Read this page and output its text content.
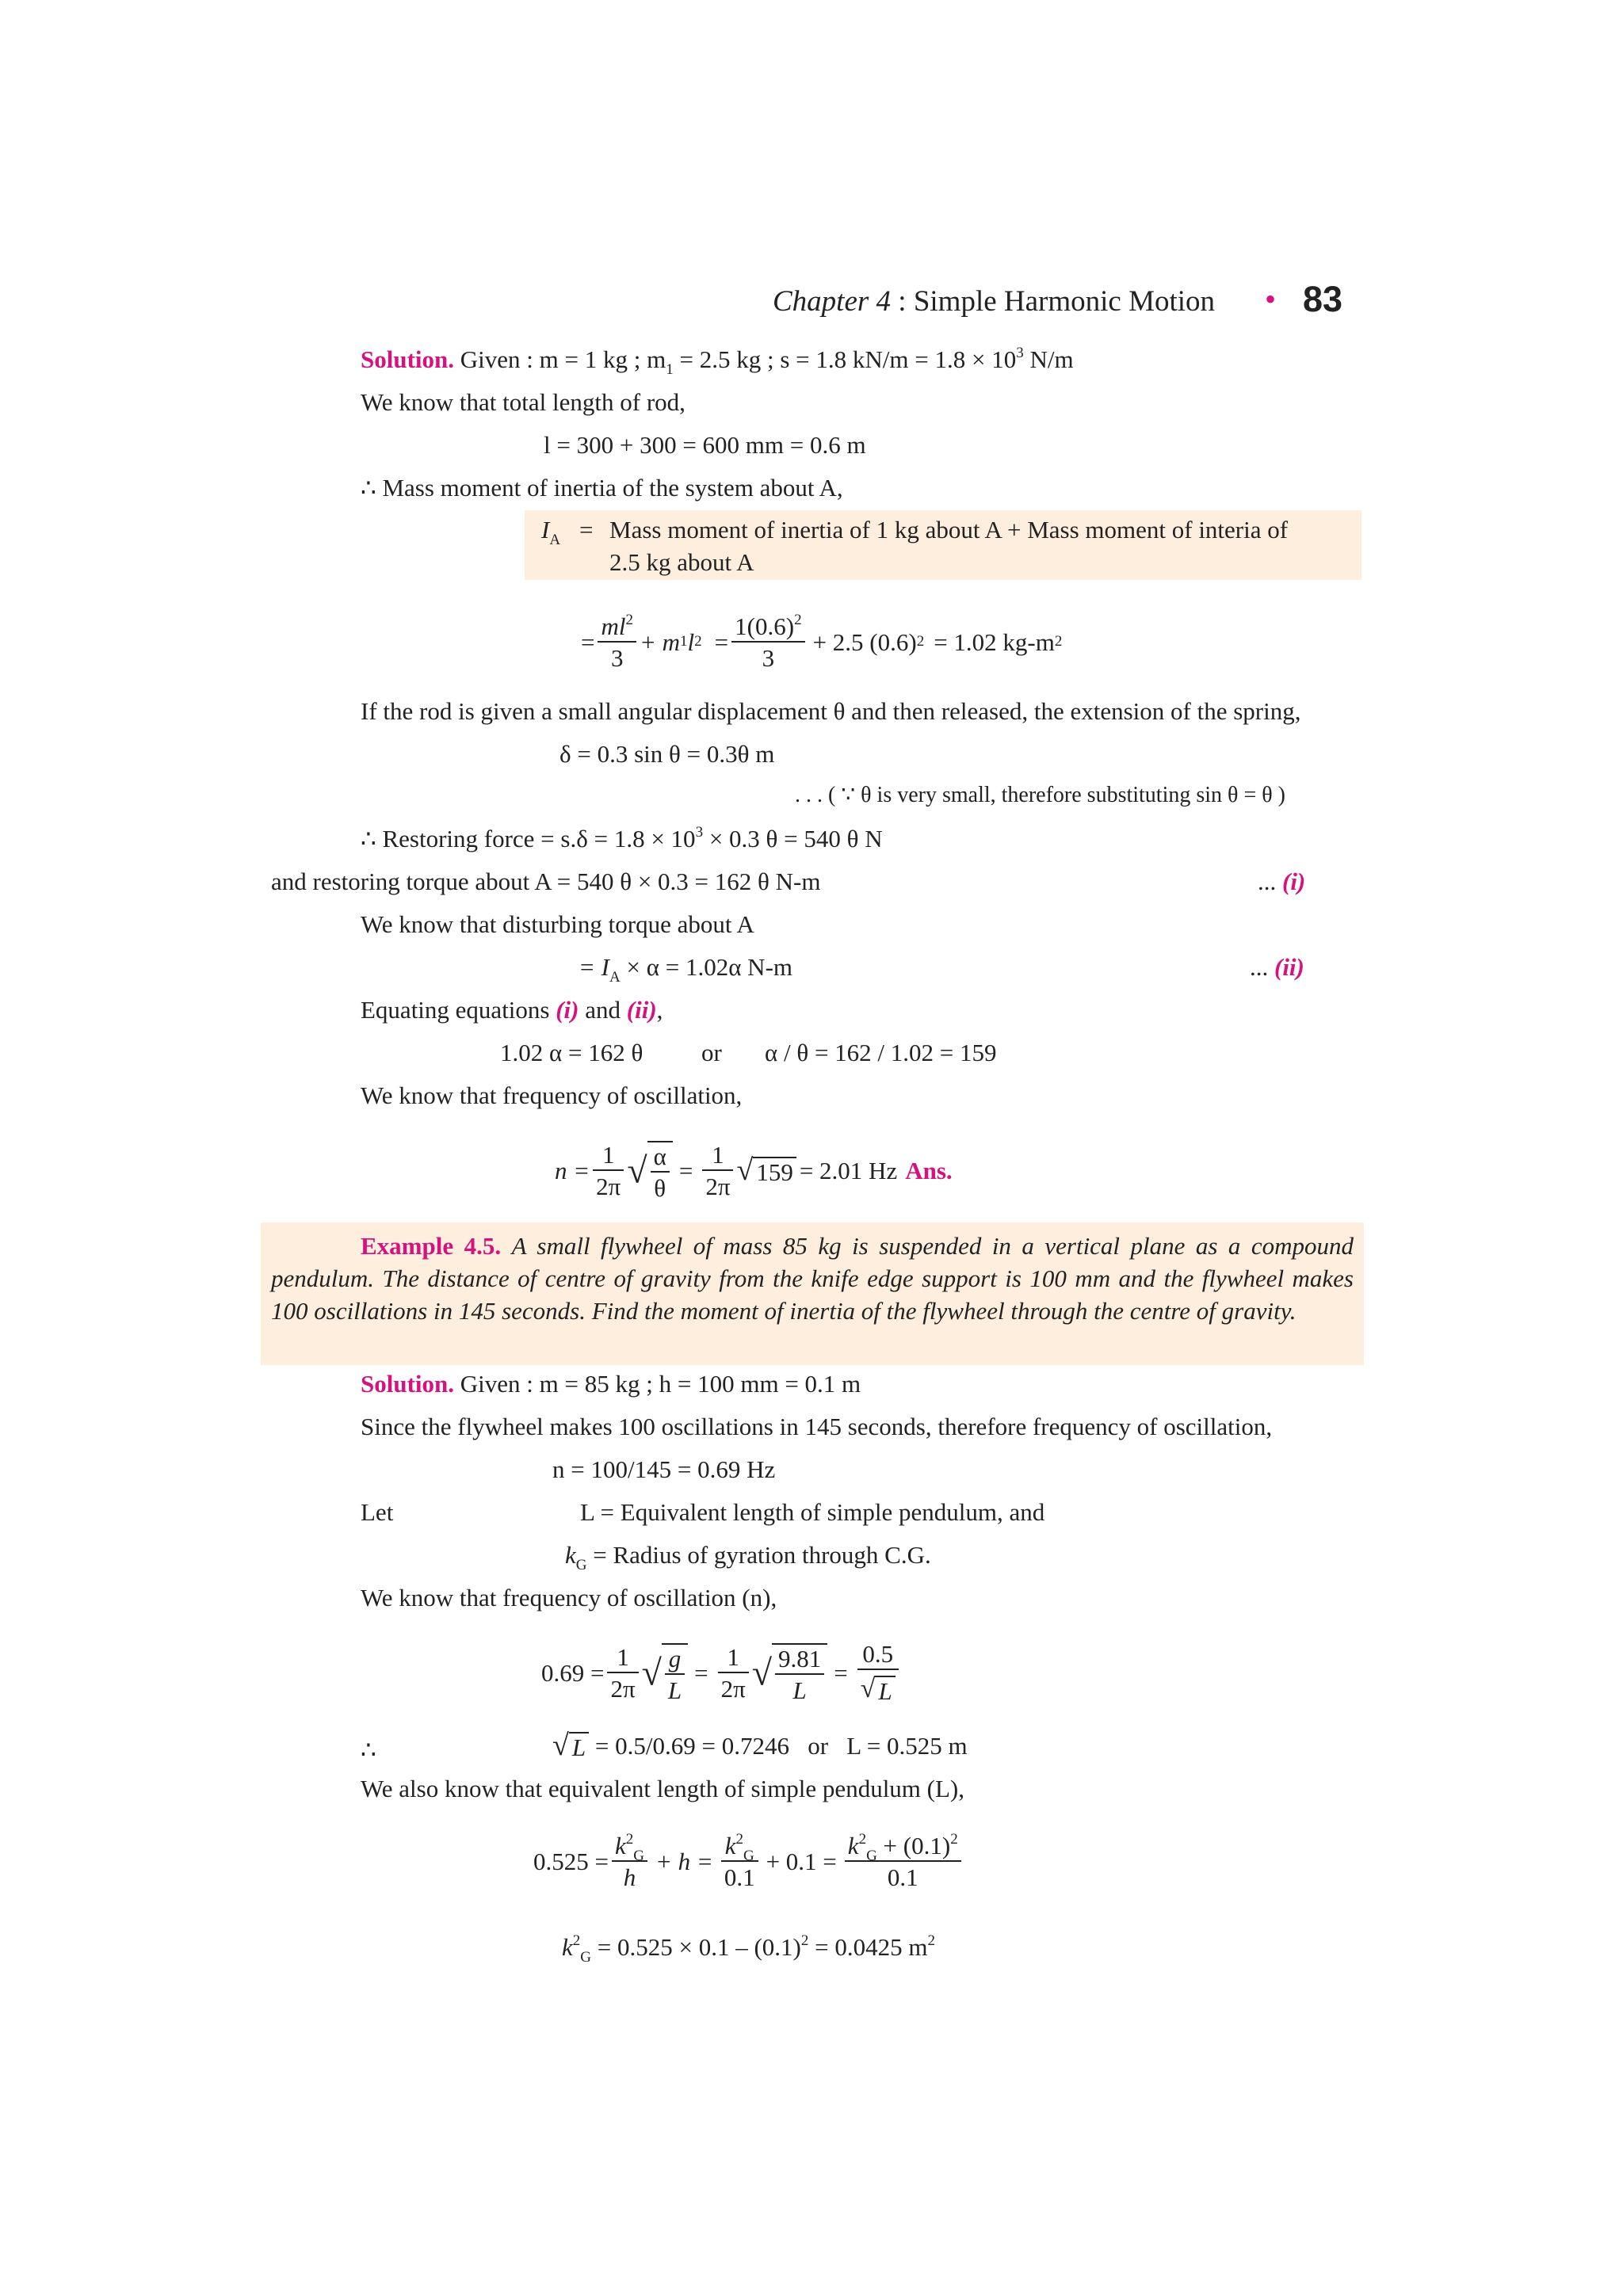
Chapter 4 : Simple Harmonic Motion • 83
Solution. Given : m = 1 kg ; $m_1 = 2.5$ kg ; s = 1.8 $kN/m = 1.8 \times 10^3$ N/m
We know that total length of rod,
l = 300 + 300 = 600 mm = 0.6 m
∴ Mass moment of inertia of the system about A,
$I_A$ = Mass moment of inertia of 1 kg about A + Mass moment of interia of
2.5 kg about A
= $\frac{ml^2}{3} + m$ 1 l $2 = \frac{1(0.6)^2}{3} + 2.5$ (0.6) 2 = 1.02 kg-m 2
If the rod is given a small angular displacement θ and then released, the extension of the spring,
δ = 0.3 sin θ = 0.3θ m
. . . ( ∵ θ is very small, therefore substituting sin θ = θ )
∴ Restoring force = $s.\delta = 1.8 \times 10^3 \times 0.3$ θ = 540 θ N
and restoring torque about A = 540 θ × 0.3 = 162 θ N-m	... (i)
We know that disturbing torque about A
= $I_A \times \alpha = 1.02\alpha$ N-m	... (ii)
Equating equations (i) and (ii),
1.02 α = 162 θ or α / θ = 162 / 1.02 = 159
We know that frequency of oscillation,
$n = \frac{1}{2\pi}$ √ $\frac{\alpha}{\theta} = \frac{1}{2\pi}$ √ 159 = 2.01 Hz Ans.
Example 4.5. A small flywheel of mass 85 kg is suspended in a vertical plane as a compound pendulum. The distance of centre of gravity from the knife edge support is 100 mm and the flywheel makes 100 oscillations in 145 seconds. Find the moment of inertia of the flywheel through the centre of gravity.
Solution. Given : m = 85 kg ; h = 100 mm = 0.1 m
Since the flywheel makes 100 oscillations in 145 seconds, therefore frequency of oscillation,
n = 100/145 = 0.69 Hz
Let	L = Equivalent length of simple pendulum, and
$k_G$ = Radius of gyration through C.G.
We know that frequency of oscillation (n),
$0.69 = \frac{1}{2\pi}$ √ $\frac{g}{L} = \frac{1}{2\pi}$ √ $\frac{9.81}{L} = \frac{0.5}{√ L}$
∴	√ L = 0.5/0.69 = 0.7246   or   L = 0.525 m
We also know that equivalent length of simple pendulum (L),
$0.525 = \frac{k^2_G}{h} + h = \frac{k^2_G}{0.1} + 0.1 = \frac{k^2_G + (0.1)^2}{0.1}$
$k^2_G = 0.525 \times 0.1 - (0.1)^2 = 0.0425$ $m^2$
